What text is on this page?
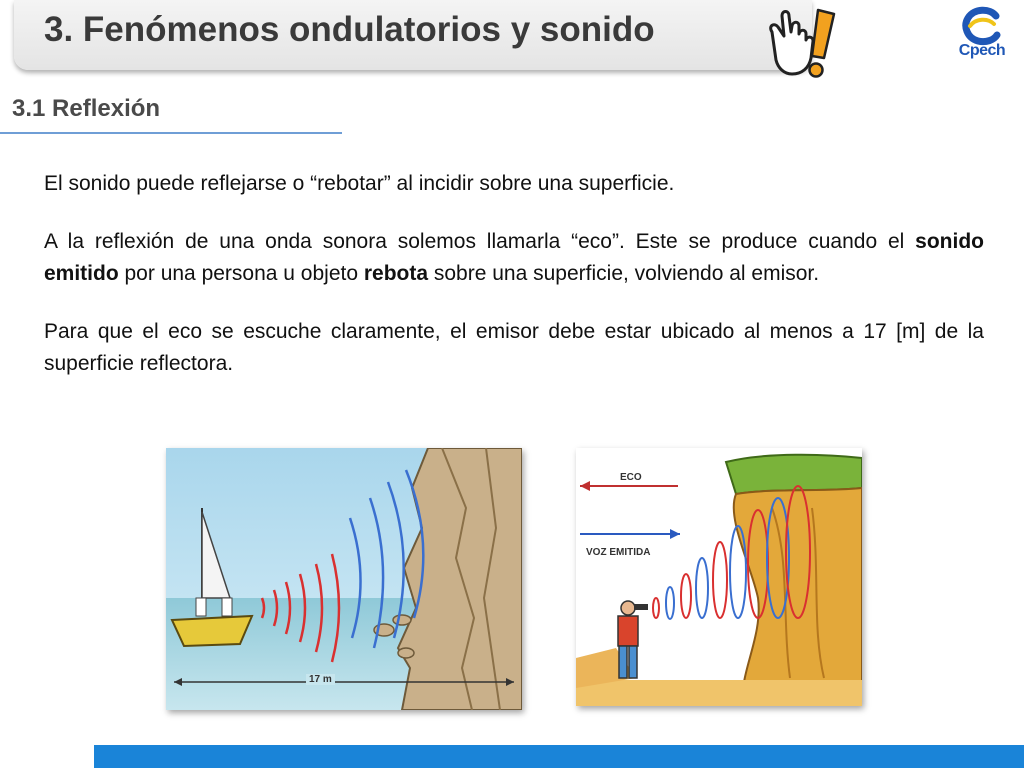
3. Fenómenos ondulatorios y sonido
Cpech
3.1 Reflexión

El sonido puede reflejarse o “rebotar” al incidir sobre una superficie.

A la reflexión de una onda sonora solemos llamarla “eco”. Este se produce cuando el sonido emitido por una persona u objeto rebota sobre una superficie, volviendo al emisor.

Para que el eco se escuche claramente, el emisor debe estar ubicado al menos a 17 [m] de la superficie reflectora.

17 m
ECO
VOZ EMITIDA
